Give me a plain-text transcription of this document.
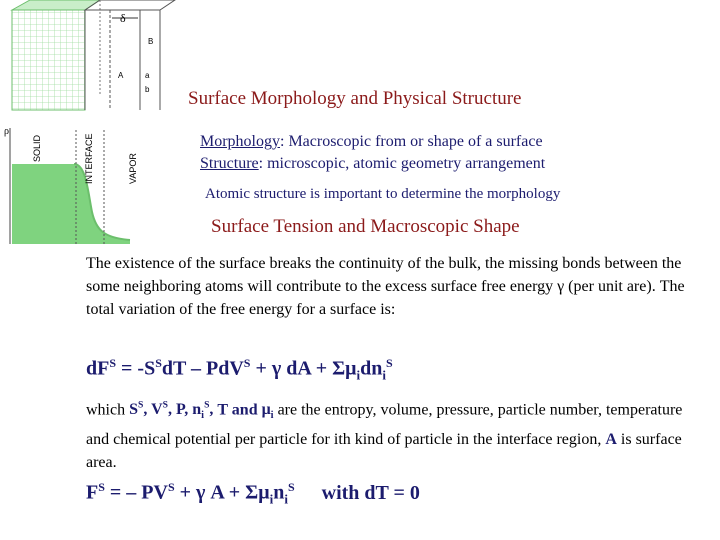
δ
A
B
a
b
ρ
SOLID	INTERFACE	VAPOR
Surface Morphology and Physical Structure
Morphology: Macroscopic from or shape of a surface
Structure: microscopic, atomic geometry arrangement
Atomic structure is important to determine the morphology
Surface Tension and Macroscopic Shape
The existence of the surface breaks the continuity of the bulk, the missing bonds between the some neighboring atoms will contribute to the excess surface free energy γ (per unit are). The total variation of the free energy for a surface is:
$dF^S = -S^SdT - PdV^S + \gamma$ dA + $\Sigma\mu_idn_i^S$
which $S^S$, $V^S$, P, $n_i^S$, T and $\mu_i$ are the entropy, volume, pressure, particle number, temperature and chemical potential per particle for ith kind of particle in the interface region, A is surface area.
$F^S$ = – $PV^S + \gamma$ $A + \Sigma\mu_in_i^S$ with dT = 0
